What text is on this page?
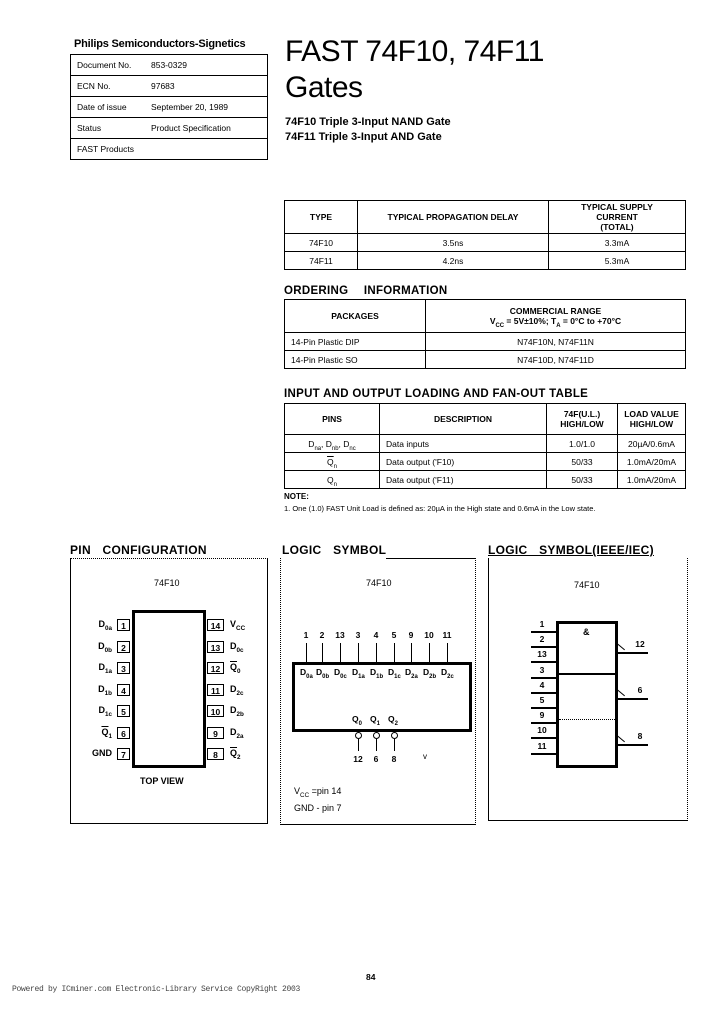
Philips Semiconductors-Signetics
Document No.	853-0329
ECN No.	97683
Date of issue	September 20, 1989
Status	Product Specification
FAST Products	
FAST 74F10, 74F11
Gates
74F10 Triple 3-Input NAND Gate
74F11 Triple 3-Input AND Gate
TYPE	TYPICAL PROPAGATION DELAY	TYPICAL SUPPLY CURRENT (TOTAL)
74F10	3.5ns	3.3mA
74F11	4.2ns	5.3mA
ORDERING INFORMATION
PACKAGES	COMMERCIAL RANGE
$V_{CC} = 5V\pm 10\%$; $T_A = 0^\circ C$ to +70°C

14-Pin Plastic DIP	N74F10N, N74F11N
14-Pin Plastic SO	N74F10D, N74F11D
INPUT AND OUTPUT LOADING AND FAN-OUT TABLE
PINS	DESCRIPTION	74F(U.L.) HIGH/LOW	LOAD VALUE HIGH/LOW
$D_{na}$, $D_{nb}$, $D_{nc}$	Data inputs	1.0/1.0	20µA/0.6mA
$\overline{Q}_n$	Data output ('F10)	50/33	1.0mA/20mA
$Q_n$	Data output ('F11)	50/33	1.0mA/20mA
NOTE:
1. One (1.0) FAST Unit Load is defined as: 20µA in the High state and 0.6mA in the Low state.
PIN CONFIGURATION
74F10
1
$D_{0a}$
2
$D_{0b}$
3
$D_{1a}$
4
$D_{1b}$
5
$D_{1c}$
6
$\overline{Q}_1$
7
GND
14	$V_{CC}$
13	$D_{0c}$
12	$\overline{Q}_0$
11	$D_{2c}$
10	$D_{2b}$
9	$D_{2a}$
8	$\overline{Q}_2$
TOP VIEW
LOGIC SYMBOL
74F10
1
$D_{0a}$
2
$D_{0b}$
13
$D_{0c}$
3
$D_{1a}$
4
$D_{1b}$
5
$D_{1c}$
9
$D_{2a}$
10
$D_{2b}$
11
$D_{2c}$
$Q_0$
12
$Q_1$
6
$Q_2$
8	v
$V_{CC} =pin$ 14
GND - pin 7
LOGIC SYMBOL(IEEE/IEC)
74F10
&
1
2
13
3
4
5
9
10
11
12
6
8
84
Powered by ICminer.com Electronic-Library Service CopyRight 2003
